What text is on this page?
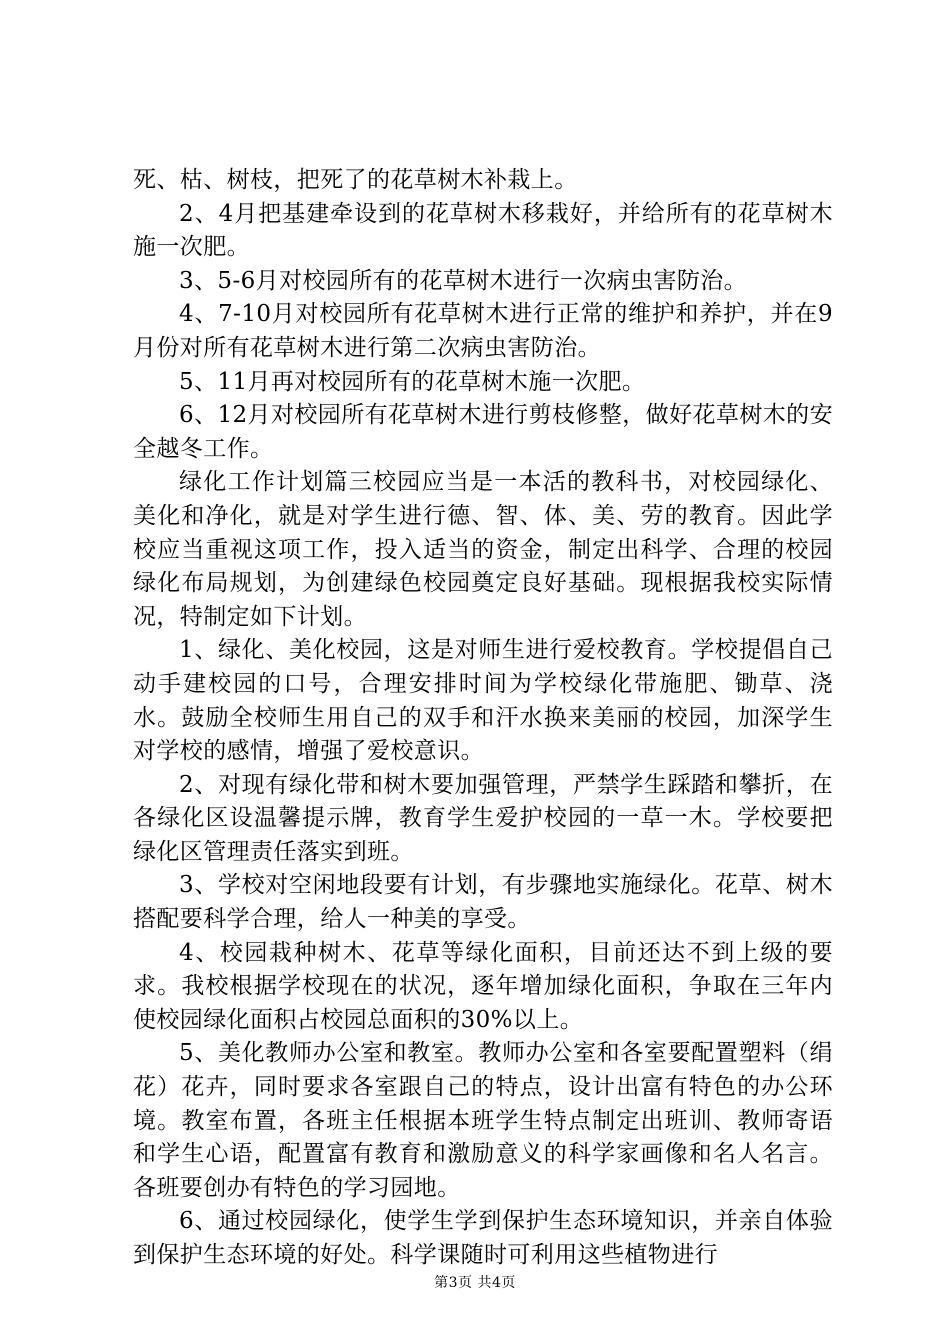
死、枯、树枝，把死了的花草树木补栽上。

2、4月把基建牵设到的花草树木移栽好，并给所有的花草树木施一次肥。

3、5-6月对校园所有的花草树木进行一次病虫害防治。

4、7-10月对校园所有花草树木进行正常的维护和养护，并在9月份对所有花草树木进行第二次病虫害防治。

5、11月再对校园所有的花草树木施一次肥。

6、12月对校园所有花草树木进行剪枝修整，做好花草树木的安全越冬工作。

绿化工作计划篇三校园应当是一本活的教科书，对校园绿化、美化和净化，就是对学生进行德、智、体、美、劳的教育。因此学校应当重视这项工作，投入适当的资金，制定出科学、合理的校园绿化布局规划，为创建绿色校园奠定良好基础。现根据我校实际情况，特制定如下计划。

1、绿化、美化校园，这是对师生进行爱校教育。学校提倡自己动手建校园的口号，合理安排时间为学校绿化带施肥、锄草、浇水。鼓励全校师生用自己的双手和汗水换来美丽的校园，加深学生对学校的感情，增强了爱校意识。

2、对现有绿化带和树木要加强管理，严禁学生踩踏和攀折，在各绿化区设温馨提示牌，教育学生爱护校园的一草一木。学校要把绿化区管理责任落实到班。

3、学校对空闲地段要有计划，有步骤地实施绿化。花草、树木搭配要科学合理，给人一种美的享受。

4、校园栽种树木、花草等绿化面积，目前还达不到上级的要求。我校根据学校现在的状况，逐年增加绿化面积，争取在三年内使校园绿化面积占校园总面积的30%以上。

5、美化教师办公室和教室。教师办公室和各室要配置塑料（绢花）花卉，同时要求各室跟自己的特点，设计出富有特色的办公环境。教室布置，各班主任根据本班学生特点制定出班训、教师寄语和学生心语，配置富有教育和激励意义的科学家画像和名人名言。各班要创办有特色的学习园地。

6、通过校园绿化，使学生学到保护生态环境知识，并亲自体验到保护生态环境的好处。科学课随时可利用这些植物进行

第3页 共4页
